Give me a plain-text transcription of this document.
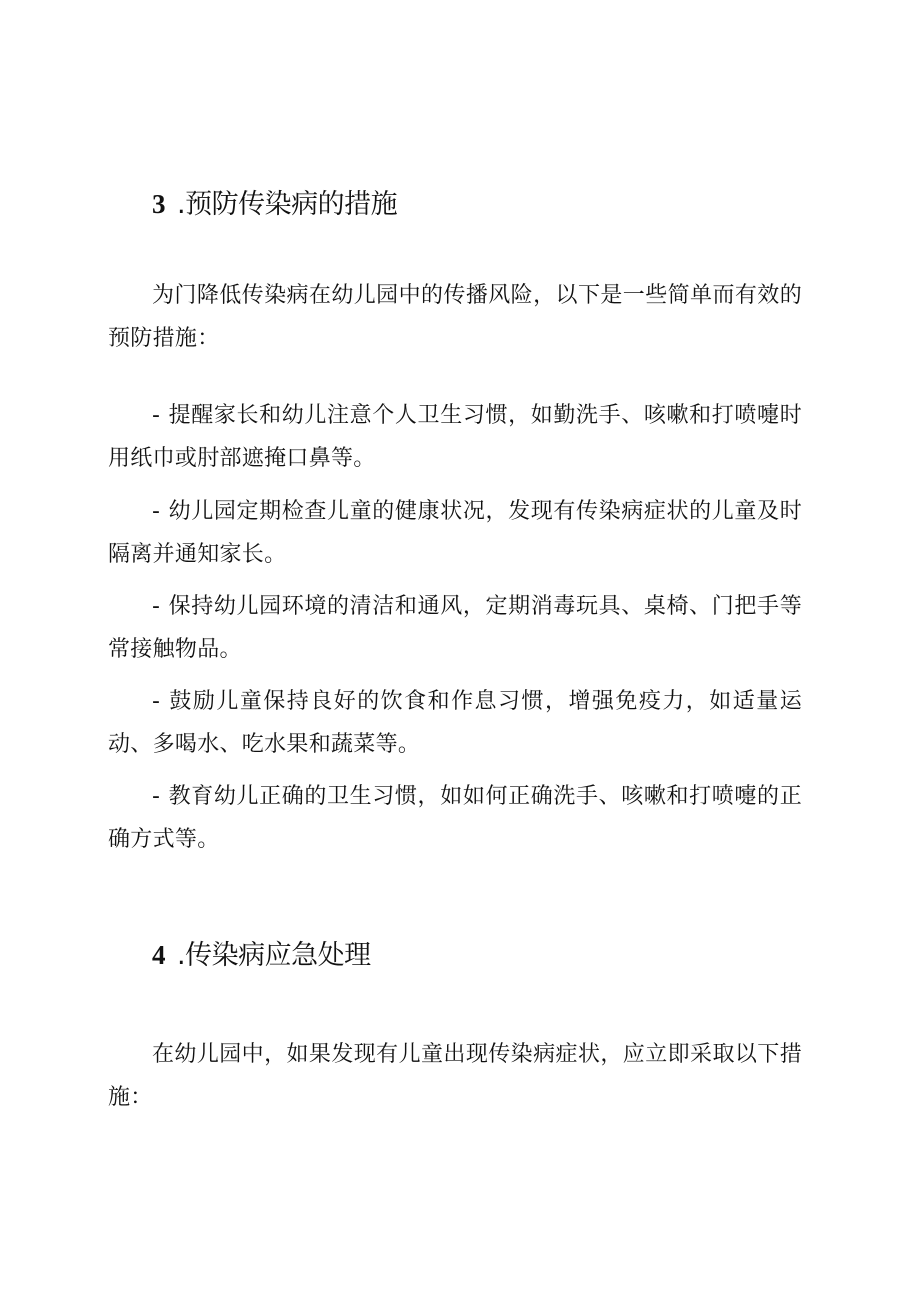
3 .预防传染病的措施

为门降低传染病在幼儿园中的传播风险，以下是一些简单而有效的预防措施：

- 提醒家长和幼儿注意个人卫生习惯，如勤洗手、咳嗽和打喷嚏时用纸巾或肘部遮掩口鼻等。

- 幼儿园定期检查儿童的健康状况，发现有传染病症状的儿童及时隔离并通知家长。

- 保持幼儿园环境的清洁和通风，定期消毒玩具、桌椅、门把手等常接触物品。

- 鼓励儿童保持良好的饮食和作息习惯，增强免疫力，如适量运动、多喝水、吃水果和蔬菜等。

- 教育幼儿正确的卫生习惯，如如何正确洗手、咳嗽和打喷嚏的正确方式等。

4 .传染病应急处理

在幼儿园中，如果发现有儿童出现传染病症状，应立即采取以下措施：
